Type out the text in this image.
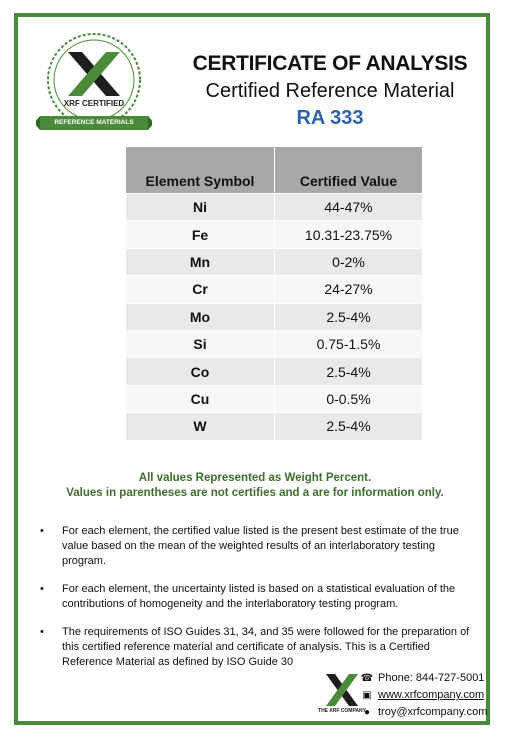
XRF CERTIFIED
REFERENCE MATERIALS
CERTIFICATE OF ANALYSIS
Certified Reference Material
RA 333
Element Symbol	Certified Value
Ni	44-47%
Fe	10.31-23.75%
Mn	0-2%
Cr	24-27%
Mo	2.5-4%
Si	0.75-1.5%
Co	2.5-4%
Cu	0-0.5%
W	2.5-4%
All values Represented as Weight Percent.
Values in parentheses are not certifies and a are for information only.
• For each element, the certified value listed is the present best estimate of the true value based on the mean of the weighted results of an interlaboratory testing program.
• For each element, the uncertainty listed is based on a statistical evaluation of the contributions of homogeneity and the interlaboratory testing program.
• The requirements of ISO Guides 31, 34, and 35 were followed for the preparation of this certified reference material and certificate of analysis. This is a Certified Reference Material as defined by ISO Guide 30
THE XRF COMPANY
☎ Phone: 844-727-5001
▣ www.xrfcompany.com
● troy@xrfcompany.com
